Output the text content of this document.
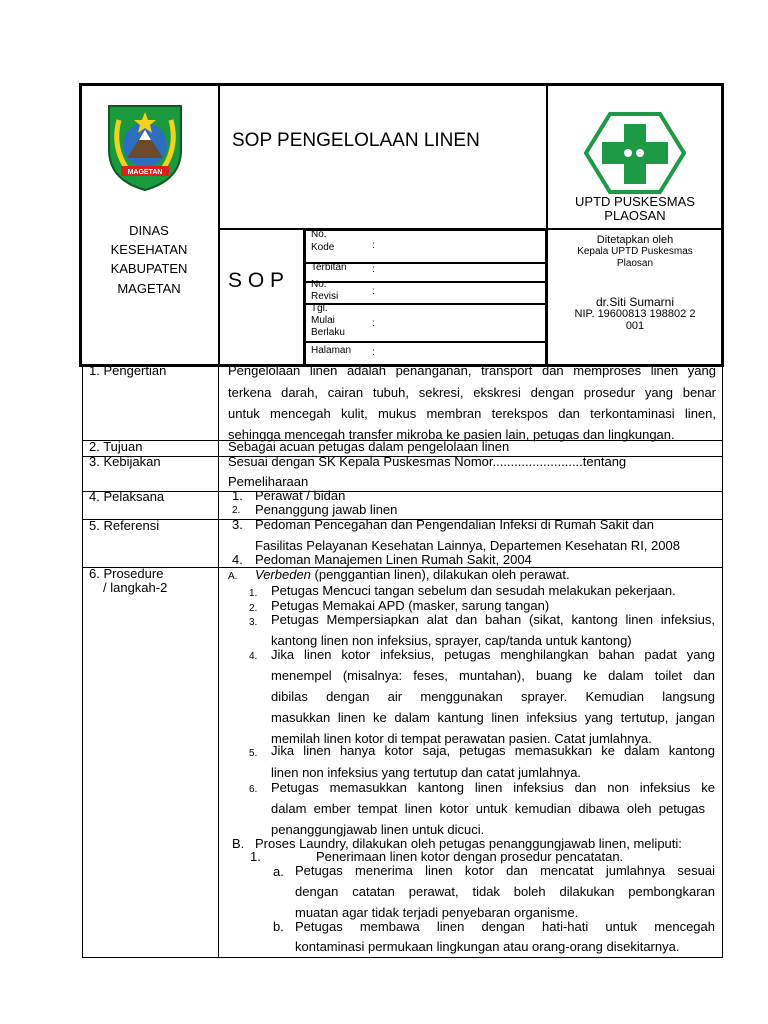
MAGETAN
DINAS
KESEHATAN
KABUPATEN
MAGETAN
SOP PENGELOLAAN LINEN
S O P
No.
Kode	:
Terbitan	:
No.
Revisi	:
Tgl.
Mulai
Berlaku
:
Halaman :
UPTD PUSKESMAS
PLAOSAN
Ditetapkan oleh
Kepala UPTD Puskesmas
Plaosan
dr.Siti Sumarni
NIP. 19600813 198802 2
001
1. Pengertian	Pengelolaan linen adalah penanganan, transport dan memproses linen yang
terkena darah, cairan tubuh, sekresi, ekskresi dengan prosedur yang benar
untuk mencegah kulit, mukus membran terekspos dan terkontaminasi linen,
sehingga mencegah transfer mikroba ke pasien lain, petugas dan lingkungan.
2. Tujuan	Sebagai acuan petugas dalam pengelolaan linen
3. Kebijakan	Sesuai dengan SK Kepala Puskesmas Nomor.........................tentang
Pemeliharaan
4. Pelaksana	1. Perawat / bidan
2. Penanggung jawab linen
5. Referensi	3. Pedoman Pencegahan dan Pengendalian Infeksi di Rumah Sakit dan
Fasilitas Pelayanan Kesehatan Lainnya, Departemen Kesehatan RI, 2008
4. Pedoman Manajemen Linen Rumah Sakit, 2004
6. Prosedure
/ langkah-2
A. Verbeden (penggantian linen), dilakukan oleh perawat.
1. Petugas Mencuci tangan sebelum dan sesudah melakukan pekerjaan.
2. Petugas Memakai APD (masker, sarung tangan)
3. Petugas Mempersiapkan alat dan bahan (sikat, kantong linen infeksius,
kantong linen non infeksius, sprayer, cap/tanda untuk kantong)
4. Jika linen kotor infeksius, petugas menghilangkan bahan padat yang
menempel (misalnya: feses, muntahan), buang ke dalam toilet dan
dibilas dengan air menggunakan sprayer. Kemudian langsung
masukkan linen ke dalam kantung linen infeksius yang tertutup, jangan
memilah linen kotor di tempat perawatan pasien. Catat jumlahnya.
5. Jika linen hanya kotor saja, petugas memasukkan ke dalam kantong
linen non infeksius yang tertutup dan catat jumlahnya.
6. Petugas memasukkan kantong linen infeksius dan non infeksius ke
dalam ember tempat linen kotor untuk kemudian dibawa oleh petugas
penanggungjawab linen untuk dicuci.
B. Proses Laundry, dilakukan oleh petugas penanggungjawab linen, meliputi:
1.	Penerimaan linen kotor dengan prosedur pencatatan.
a. Petugas menerima linen kotor dan mencatat jumlahnya sesuai
dengan catatan perawat, tidak boleh dilakukan pembongkaran
muatan agar tidak terjadi penyebaran organisme.
b. Petugas membawa linen dengan hati-hati untuk mencegah
kontaminasi permukaan lingkungan atau orang-orang disekitarnya.
